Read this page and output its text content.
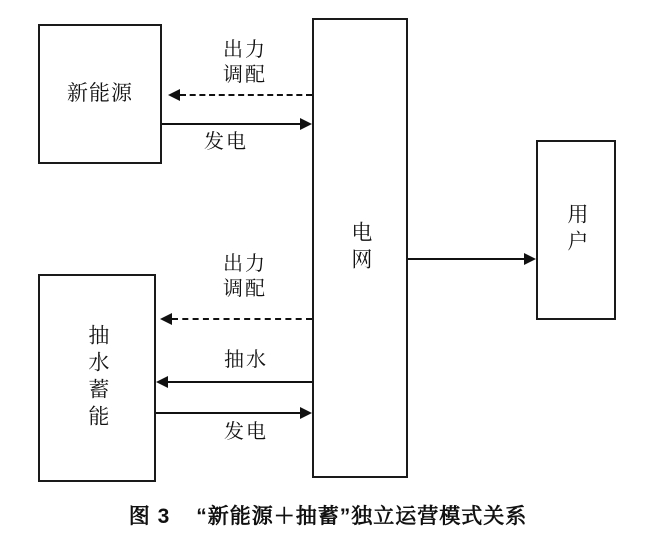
新能源
电网	用户
抽水蓄能
出力
调配
发电
出力
调配
抽水
发电
图 3 “新能源＋抽蓄”独立运营模式关系
